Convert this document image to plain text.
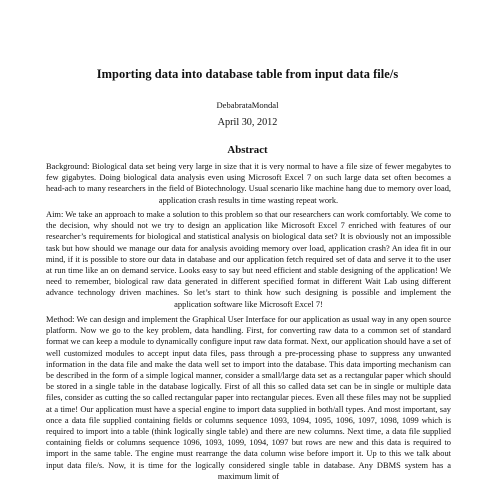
Importing data into database table from input data file/s
DebabrataMondal
April 30, 2012
Abstract

Background: Biological data set being very large in size that it is very normal to have a file size of fewer megabytes to few gigabytes. Doing biological data analysis even using Microsoft Excel 7 on such large data set often becomes a head-ach to many researchers in the field of Biotechnology. Usual scenario like machine hang due to memory over load, application crash results in time wasting repeat work.

Aim: We take an approach to make a solution to this problem so that our researchers can work comfortably. We come to the decision, why should not we try to design an application like Microsoft Excel 7 enriched with features of our researcher’s requirements for biological and statistical analysis on biological data set? It is obviously not an impossible task but how should we manage our data for analysis avoiding memory over load, application crash? An idea fit in our mind, if it is possible to store our data in database and our application fetch required set of data and serve it to the user at run time like an on demand service. Looks easy to say but need efficient and stable designing of the application! We need to remember, biological raw data generated in different specified format in different Wait Lab using different advance technology driven machines. So let’s start to think how such designing is possible and implement the application software like Microsoft Excel 7!

Method: We can design and implement the Graphical User Interface for our application as usual way in any open source platform. Now we go to the key problem, data handling. First, for converting raw data to a common set of standard format we can keep a module to dynamically configure input raw data format. Next, our application should have a set of well customized modules to accept input data files, pass through a pre-processing phase to suppress any unwanted information in the data file and make the data well set to import into the database. This data importing mechanism can be described in the form of a simple logical manner, consider a small/large data set as a rectangular paper which should be stored in a single table in the database logically. First of all this so called data set can be in single or multiple data files, consider as cutting the so called rectangular paper into rectangular pieces. Even all these files may not be supplied at a time! Our application must have a special engine to import data supplied in both/all types. And most important, say once a data file supplied containing fields or columns sequence 1093, 1094, 1095, 1096, 1097, 1098, 1099 which is required to import into a table (think logically single table) and there are new columns. Next time, a data file supplied containing fields or columns sequence 1096, 1093, 1099, 1094, 1097 but rows are new and this data is required to import in the same table. The engine must rearrange the data column wise before import it. Up to this we talk about input data file/s. Now, it is time for the logically considered single table in database. Any DBMS system has a maximum limit of
